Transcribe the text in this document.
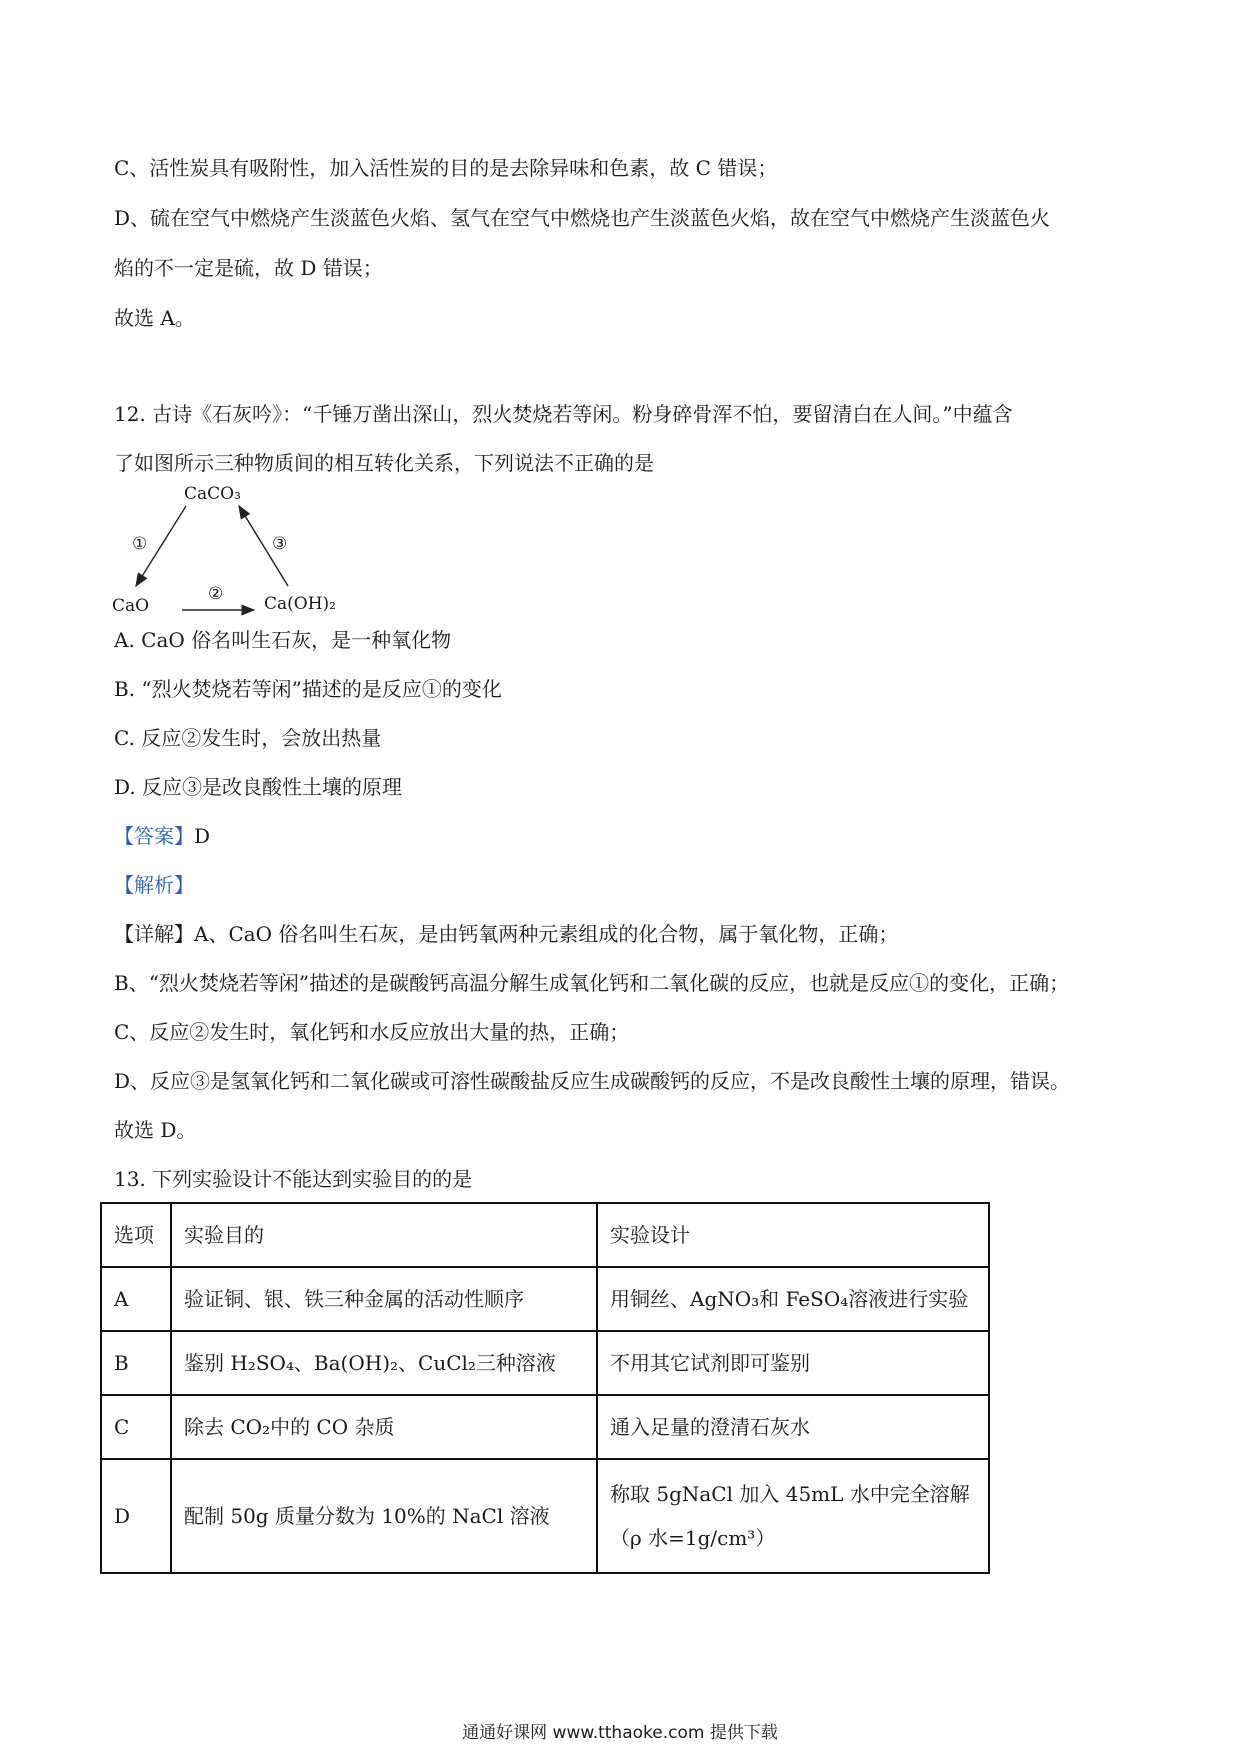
C、活性炭具有吸附性，加入活性炭的目的是去除异味和色素，故 C 错误；
D、硫在空气中燃烧产生淡蓝色火焰、氢气在空气中燃烧也产生淡蓝色火焰，故在空气中燃烧产生淡蓝色火
焰的不一定是硫，故 D 错误；
故选 A。
12. 古诗《石灰吟》：“千锤万凿出深山，烈火焚烧若等闲。粉身碎骨浑不怕，要留清白在人间。”中蕴含
了如图所示三种物质间的相互转化关系，下列说法不正确的是
CaCO₃
CaO	Ca(OH)₂
①
②
③
A. CaO 俗名叫生石灰，是一种氧化物
B. “烈火焚烧若等闲”描述的是反应①的变化
C. 反应②发生时，会放出热量
D. 反应③是改良酸性土壤的原理
【答案】D
【解析】
【详解】A、CaO 俗名叫生石灰，是由钙氧两种元素组成的化合物，属于氧化物，正确；
B、“烈火焚烧若等闲”描述的是碳酸钙高温分解生成氧化钙和二氧化碳的反应，也就是反应①的变化，正确；
C、反应②发生时，氧化钙和水反应放出大量的热，正确；
D、反应③是氢氧化钙和二氧化碳或可溶性碳酸盐反应生成碳酸钙的反应，不是改良酸性土壤的原理，错误。
故选 D。
13. 下列实验设计不能达到实验目的的是
选项	实验目的	实验设计
A	验证铜、银、铁三种金属的活动性顺序	用铜丝、AgNO₃和 FeSO₄溶液进行实验
B	鉴别 H₂SO₄、Ba(OH)₂、CuCl₂三种溶液	不用其它试剂即可鉴别
C	除去 CO₂中的 CO 杂质	通入足量的澄清石灰水
D	配制 50g 质量分数为 10%的 NaCl 溶液	称取 5gNaCl 加入 45mL 水中完全溶解
（ρ 水=1g/cm³）
通通好课网 www.tthaoke.com 提供下载
